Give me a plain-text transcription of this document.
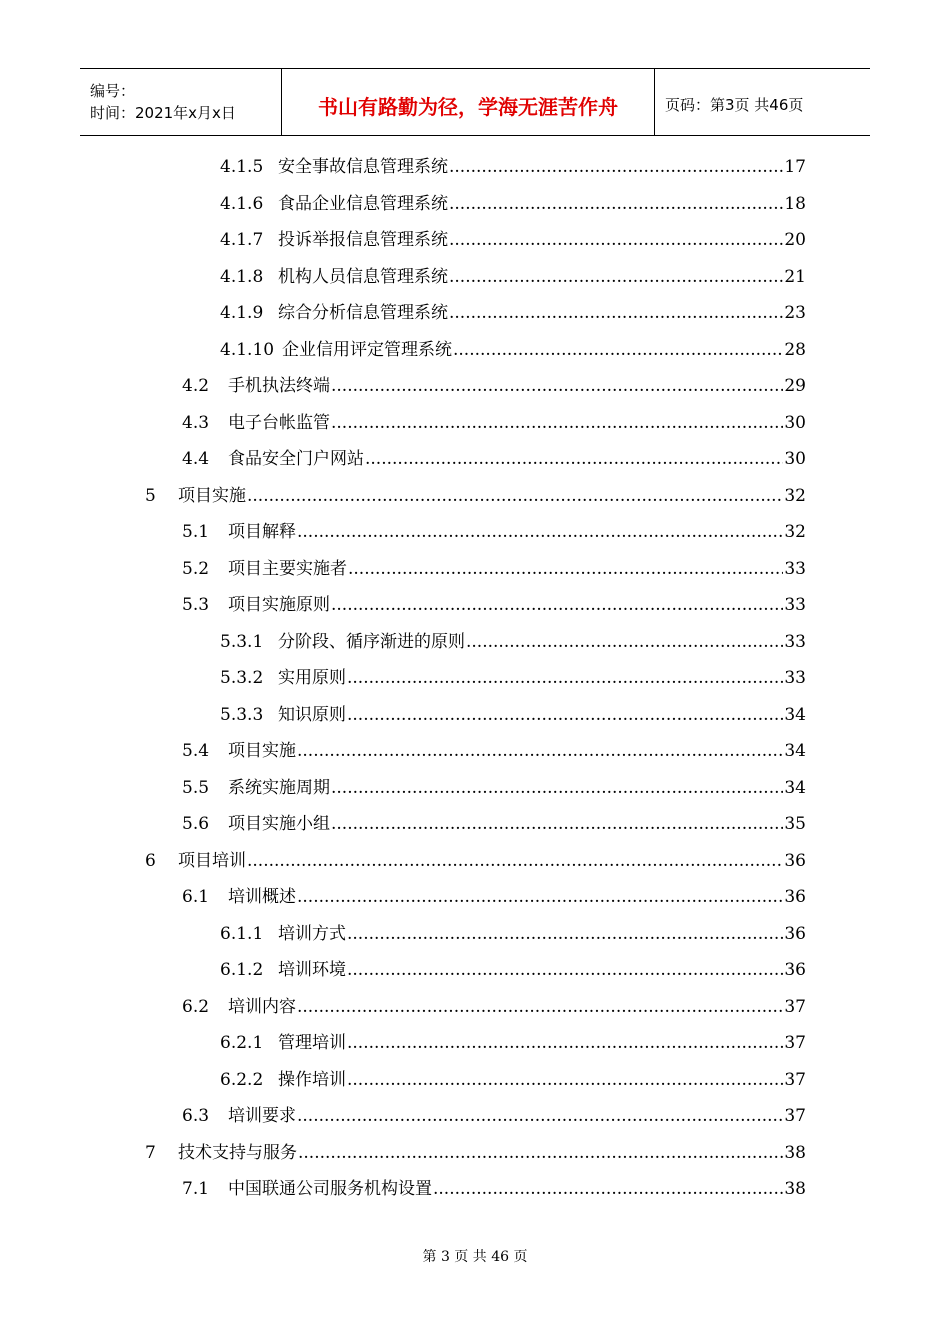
编号：
时间：2021年x月x日	书山有路勤为径，学海无涯苦作舟	页码：第3页 共46页
4.1.5 安全事故信息管理系统 .....	17
4.1.6 食品企业信息管理系统 .....	18
4.1.7 投诉举报信息管理系统 .....	20
4.1.8 机构人员信息管理系统 .....	21
4.1.9 综合分析信息管理系统 .....	23
4.1.10 企业信用评定管理系统 .....	28
4.2	手机执法终端 .....	29
4.3	电子台帐监管 .....	30
4.4	食品安全门户网站 .....	30
5	项目实施 .....	32
5.1	项目解释 .....	32
5.2	项目主要实施者 .....	33
5.3	项目实施原则 .....	33
5.3.1 分阶段、循序渐进的原则 .....	33
5.3.2 实用原则 .....	33
5.3.3 知识原则 .....	34
5.4	项目实施 .....	34
5.5	系统实施周期 .....	34
5.6	项目实施小组 .....	35
6	项目培训 .....	36
6.1	培训概述 .....	36
6.1.1 培训方式 .....	36
6.1.2 培训环境 .....	36
6.2	培训内容 .....	37
6.2.1 管理培训 .....	37
6.2.2 操作培训 .....	37
6.3	培训要求 .....	37
7	技术支持与服务 .....	38
7.1	中国联通公司服务机构设置 .....	38
第 3 页 共 46 页
